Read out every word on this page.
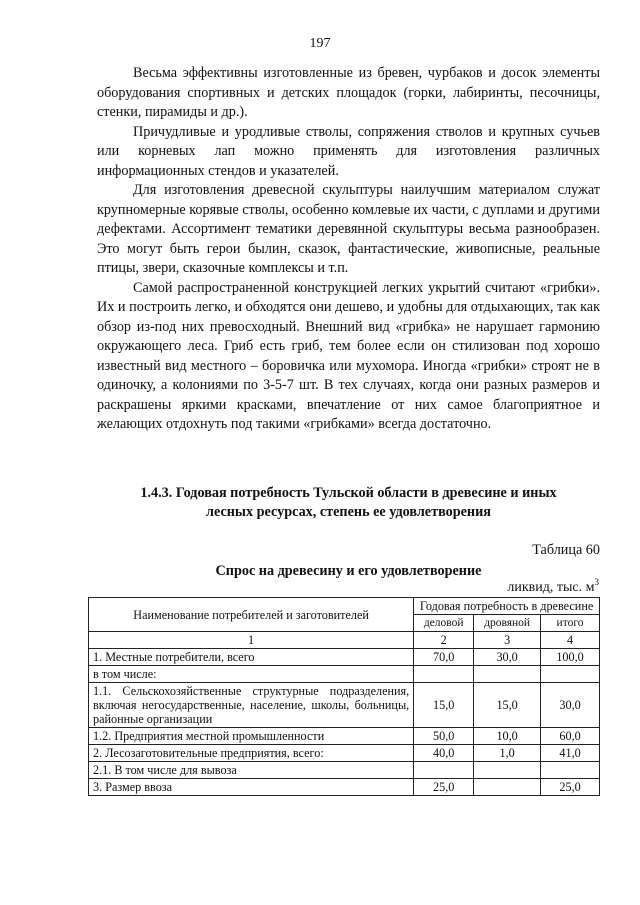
197

Весьма эффективны изготовленные из бревен, чурбаков и досок элементы оборудования спортивных и детских площадок (горки, лабиринты, песочницы, стенки, пирамиды и др.).

Причудливые и уродливые стволы, сопряжения стволов и крупных сучьев или корневых лап можно применять для изготовления различных информационных стендов и указателей.

Для изготовления древесной скульптуры наилучшим материалом служат крупномерные корявые стволы, особенно комлевые их части, с дуплами и другими дефектами. Ассортимент тематики деревянной скульптуры весьма разнообразен. Это могут быть герои былин, сказок, фантастические, живописные, реальные птицы, звери, сказочные комплексы и т.п.

Самой распространенной конструкцией легких укрытий считают «грибки». Их и построить легко, и обходятся они дешево, и удобны для отдыхающих, так как обзор из-под них превосходный. Внешний вид «грибка» не нарушает гармонию окружающего леса. Гриб есть гриб, тем более если он стилизован под хорошо известный вид местного – боровичка или мухомора. Иногда «грибки» строят не в одиночку, а колониями по 3-5-7 шт. В тех случаях, когда они разных размеров и раскрашены яркими красками, впечатление от них самое благоприятное и желающих отдохнуть под такими «грибками» всегда достаточно.

1.4.3. Годовая потребность Тульской области в древесине и иных
лесных ресурсах, степень ее удовлетворения
Таблица 60
Спрос на древесину и его удовлетворение
ликвид, тыс. $м^3$
Наименование потребителей и заготовителей	Годовая потребность в древесине		
	деловой	дровяной	итого
1	2	3	4
1. Местные потребители, всего	70,0	30,0	100,0
в том числе:			
1.1. Сельскохозяйственные структурные подразделения, включая негосударственные, население, школы, больницы, районные организации	15,0	15,0	30,0
1.2. Предприятия местной промышленности	50,0	10,0	60,0
2. Лесозаготовительные предприятия, всего:	40,0	1,0	41,0
2.1. В том числе для вывоза			
3. Размер ввоза	25,0		25,0
